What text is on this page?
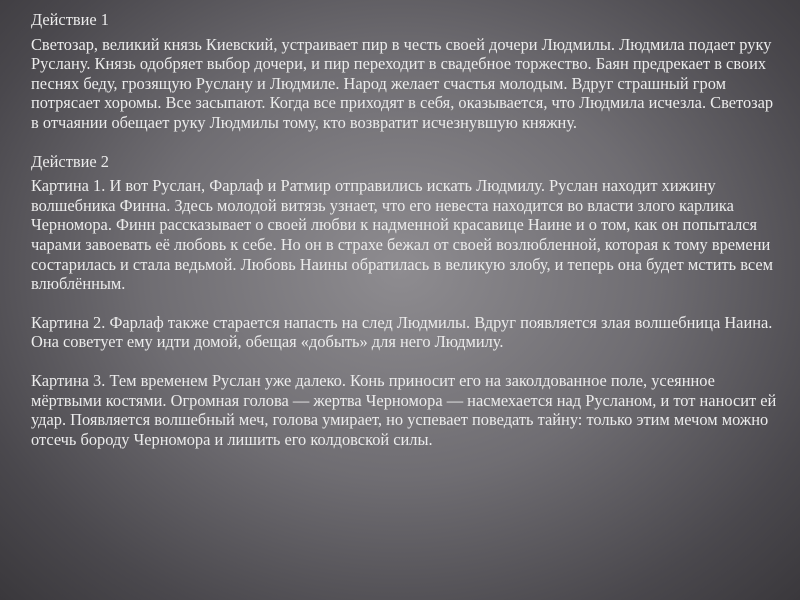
Действие 1

Светозар, великий князь Киевский, устраивает пир в честь своей дочери Людмилы. Людмила подает руку Руслану. Князь одобряет выбор дочери, и пир переходит в свадебное торжество. Баян предрекает в своих песнях беду, грозящую Руслану и Людмиле. Народ желает счастья молодым. Вдруг страшный гром потрясает хоромы. Все засыпают. Когда все приходят в себя, оказывается, что Людмила исчезла. Светозар в отчаянии обещает руку Людмилы тому, кто возвратит исчезнувшую княжну.

Действие 2

Картина 1. И вот Руслан, Фарлаф и Ратмир отправились искать Людмилу. Руслан находит хижину волшебника Финна. Здесь молодой витязь узнает, что его невеста находится во власти злого карлика Черномора. Финн рассказывает о своей любви к надменной красавице Наине и о том, как он попытался чарами завоевать её любовь к себе. Но он в страхе бежал от своей возлюбленной, которая к тому времени состарилась и стала ведьмой. Любовь Наины обратилась в великую злобу, и теперь она будет мстить всем влюблённым.

Картина 2. Фарлаф также старается напасть на след Людмилы. Вдруг появляется злая волшебница Наина. Она советует ему идти домой, обещая «добыть» для него Людмилу.

Картина 3. Тем временем Руслан уже далеко. Конь приносит его на заколдованное поле, усеянное мёртвыми костями. Огромная голова — жертва Черномора — насмехается над Русланом, и тот наносит ей удар. Появляется волшебный меч, голова умирает, но успевает поведать тайну: только этим мечом можно отсечь бороду Черномора и лишить его колдовской силы.
